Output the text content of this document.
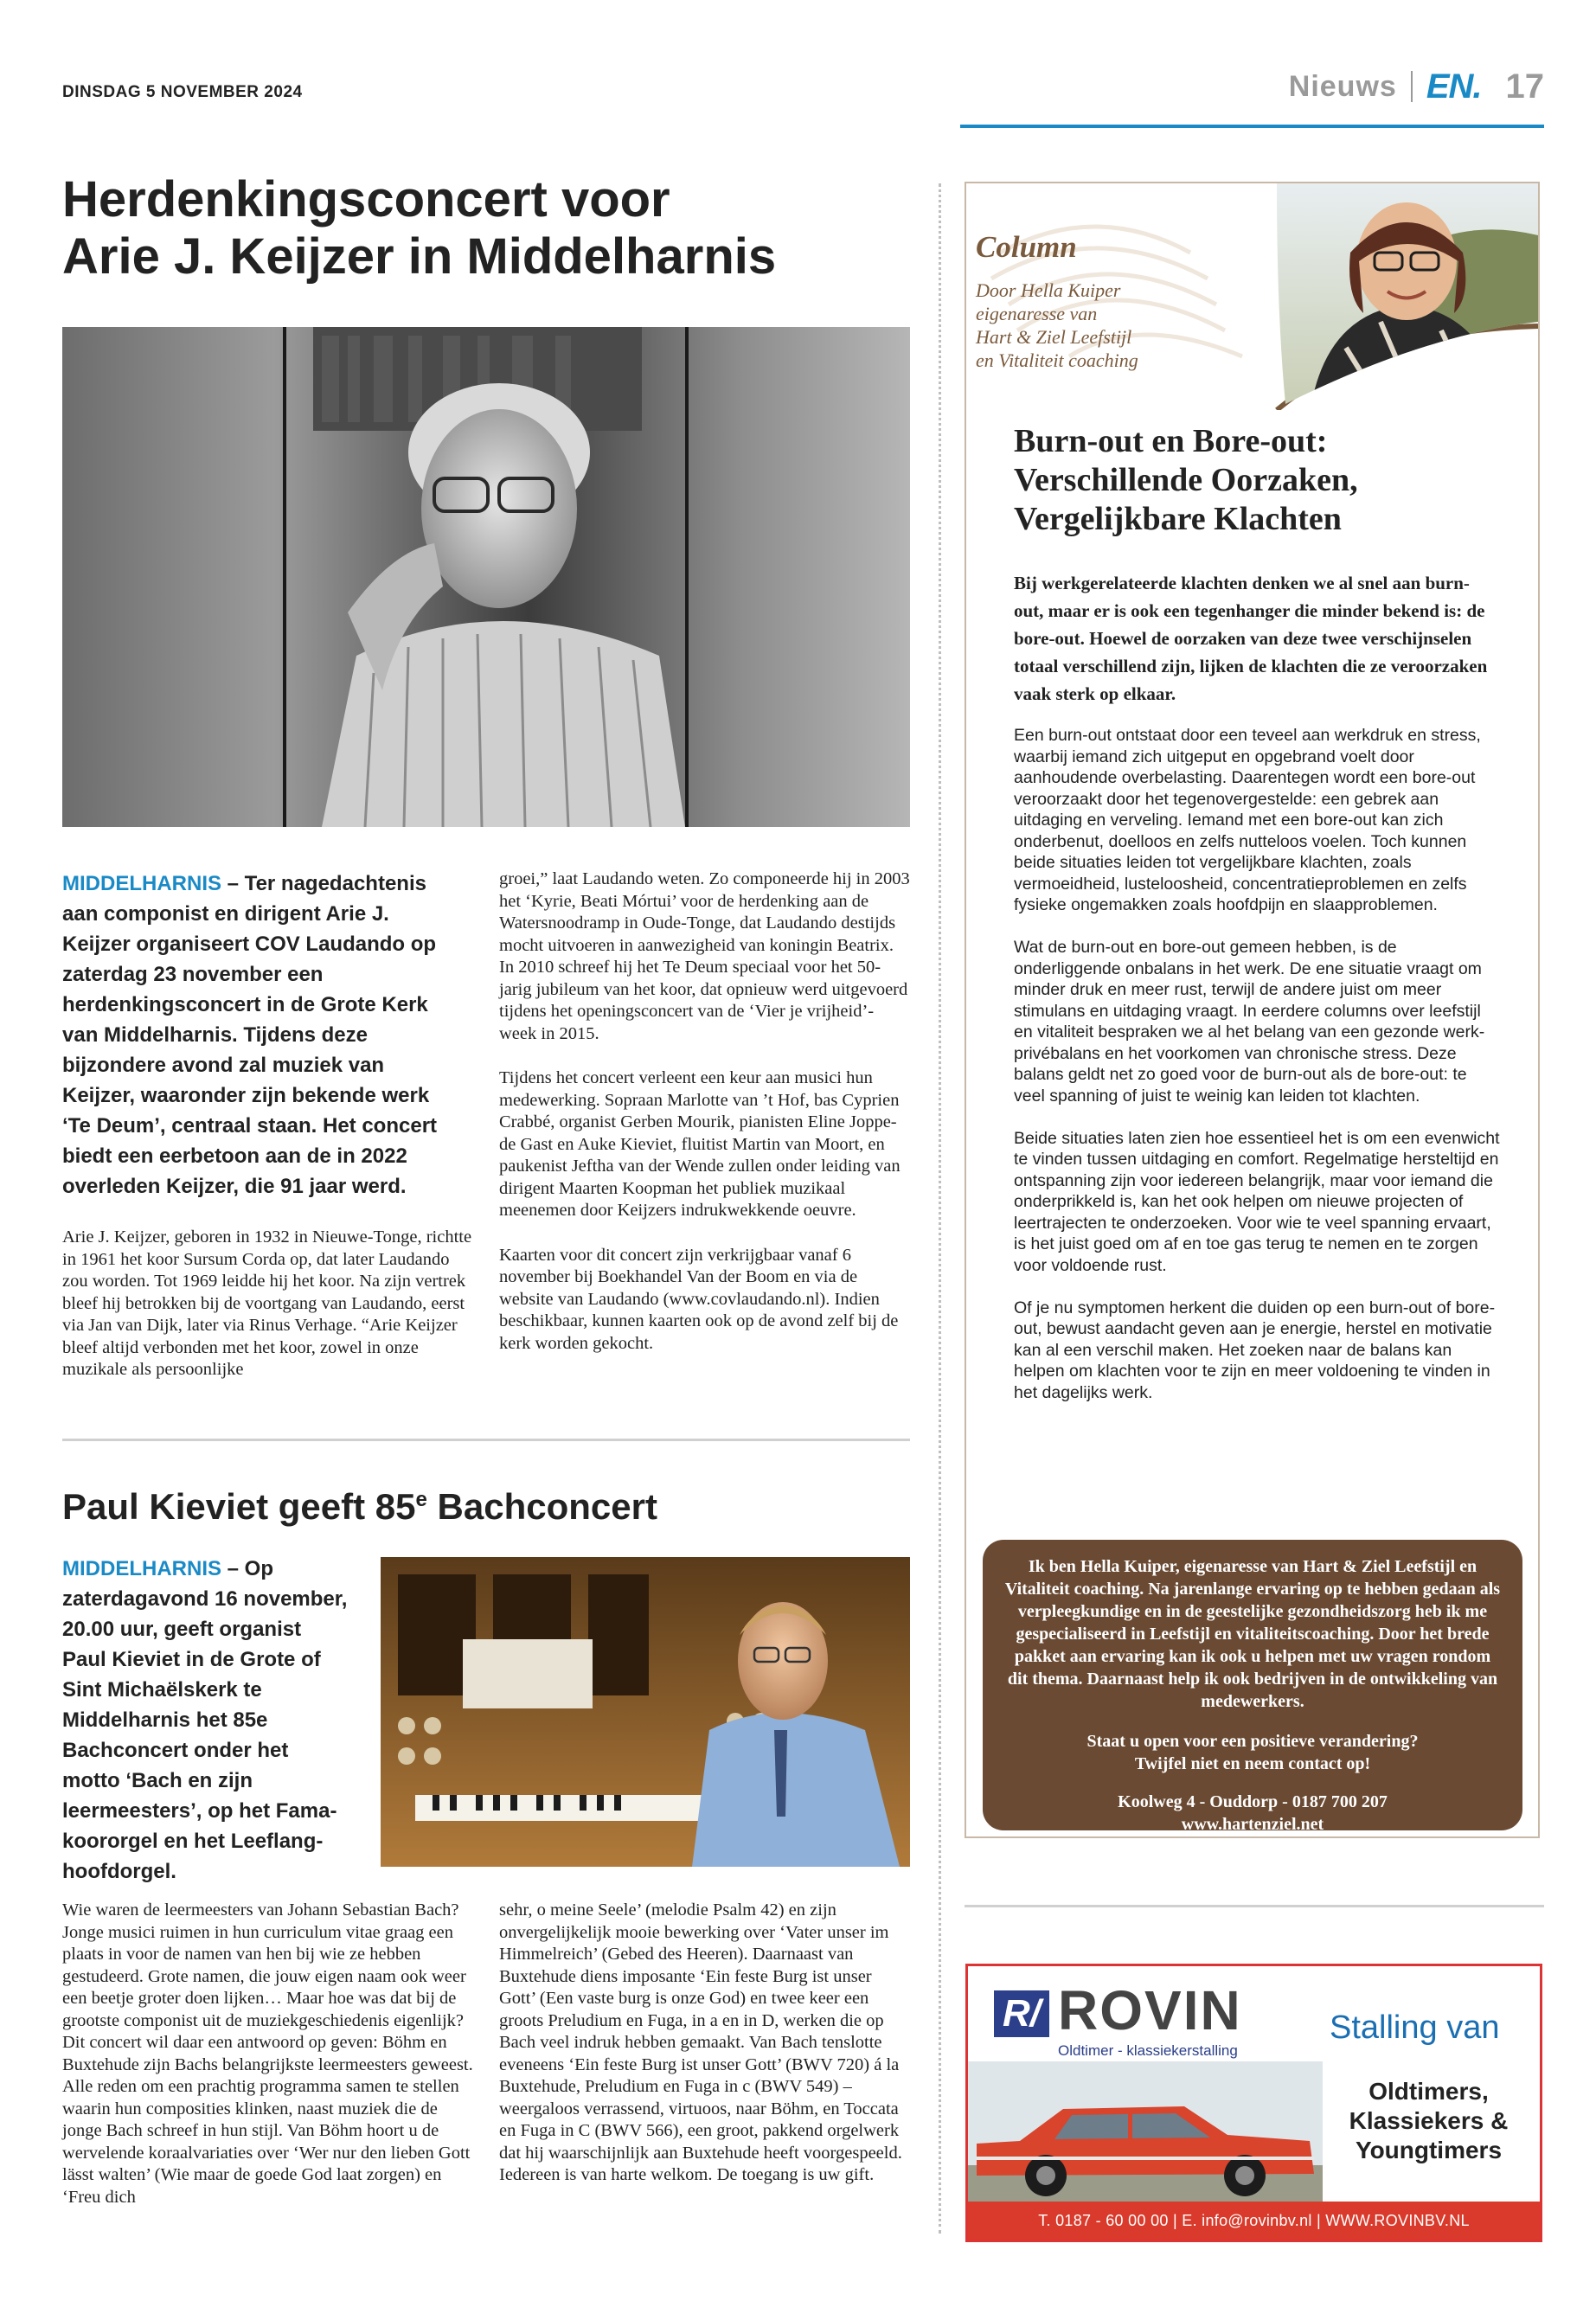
DINSDAG 5 NOVEMBER 2024	Nieuws EN. 17
Herdenkingsconcert voor
Arie J. Keijzer in Middelharnis
MIDDELHARNIS – Ter nagedachtenis aan componist en dirigent Arie J. Keijzer organiseert COV Laudando op zaterdag 23 november een herdenkingsconcert in de Grote Kerk van Middelharnis. Tijdens deze bijzondere avond zal muziek van Keijzer, waaronder zijn bekende werk ‘Te Deum’, centraal staan. Het concert biedt een eerbetoon aan de in 2022 overleden Keijzer, die 91 jaar werd.

Arie J. Keijzer, geboren in 1932 in Nieuwe-Tonge, richtte in 1961 het koor Sursum Corda op, dat later Laudando zou worden. Tot 1969 leidde hij het koor. Na zijn vertrek bleef hij betrokken bij de voortgang van Laudando, eerst via Jan van Dijk, later via Rinus Verhage. “Arie Keijzer bleef altijd verbonden met het koor, zowel in onze muzikale als persoonlijke

groei,” laat Laudando weten. Zo componeerde hij in 2003 het ‘Kyrie, Beati Mórtui’ voor de herdenking aan de Watersnoodramp in Oude-Tonge, dat Laudando destijds mocht uitvoeren in aanwezigheid van koningin Beatrix. In 2010 schreef hij het Te Deum speciaal voor het 50-jarig jubileum van het koor, dat opnieuw werd uitgevoerd tijdens het openingsconcert van de ‘Vier je vrijheid’-week in 2015.

Tijdens het concert verleent een keur aan musici hun medewerking. Sopraan Marlotte van ’t Hof, bas Cyprien Crabbé, organist Gerben Mourik, pianisten Eline Joppe-de Gast en Auke Kieviet, fluitist Martin van Moort, en paukenist Jeftha van der Wende zullen onder leiding van dirigent Maarten Koopman het publiek muzikaal meenemen door Keijzers indrukwekkende oeuvre.

Kaarten voor dit concert zijn verkrijgbaar vanaf 6 november bij Boekhandel Van der Boom en via de website van Laudando (www.covlaudando.nl). Indien beschikbaar, kunnen kaarten ook op de avond zelf bij de kerk worden gekocht.

Paul Kieviet geeft 85e Bachconcert
MIDDELHARNIS – Op zaterdagavond 16 november, 20.00 uur, geeft organist Paul Kieviet in de Grote of Sint Michaëlskerk te Middelharnis het 85e Bachconcert onder het motto ‘Bach en zijn leermeesters’, op het Fama-koororgel en het Leeflang-hoofdorgel.

Wie waren de leermeesters van Johann Sebastian Bach? Jonge musici ruimen in hun curriculum vitae graag een plaats in voor de namen van hen bij wie ze hebben gestudeerd. Grote namen, die jouw eigen naam ook weer een beetje groter doen lijken… Maar hoe was dat bij de grootste componist uit de muziekgeschiedenis eigenlijk? Dit concert wil daar een antwoord op geven: Böhm en Buxtehude zijn Bachs belangrijkste leermeesters geweest. Alle reden om een prachtig programma samen te stellen waarin hun composities klinken, naast muziek die de jonge Bach schreef in hun stijl. Van Böhm hoort u de wervelende koraalvariaties over ‘Wer nur den lieben Gott lässt walten’ (Wie maar de goede God laat zorgen) en ‘Freu dich

sehr, o meine Seele’ (melodie Psalm 42) en zijn onvergelijkelijk mooie bewerking over ‘Vater unser im Himmelreich’ (Gebed des Heeren). Daarnaast van Buxtehude diens imposante ‘Ein feste Burg ist unser Gott’ (Een vaste burg is onze God) en twee keer een groots Preludium en Fuga, in a en in D, werken die op Bach veel indruk hebben gemaakt. Van Bach tenslotte eveneens ‘Ein feste Burg ist unser Gott’ (BWV 720) á la Buxtehude, Preludium en Fuga in c (BWV 549) – weergaloos verrassend, virtuoos, naar Böhm, en Toccata en Fuga in C (BWV 566), een groot, pakkend orgelwerk dat hij waarschijnlijk aan Buxtehude heeft voorgespeeld. Iedereen is van harte welkom. De toegang is uw gift.

Column
Door Hella Kuiper
eigenaresse van
Hart & Ziel Leefstijl
en Vitaliteit coaching
Burn-out en Bore-out:
Verschillende Oorzaken,
Vergelijkbare Klachten
Bij werkgerelateerde klachten denken we al snel aan burn-out, maar er is ook een tegenhanger die minder bekend is: de bore-out. Hoewel de oorzaken van deze twee verschijnselen totaal verschillend zijn, lijken de klachten die ze veroorzaken vaak sterk op elkaar.

Een burn-out ontstaat door een teveel aan werkdruk en stress, waarbij iemand zich uitgeput en opgebrand voelt door aanhoudende overbelasting. Daarentegen wordt een bore-out veroorzaakt door het tegenovergestelde: een gebrek aan uitdaging en verveling. Iemand met een bore-out kan zich onderbenut, doelloos en zelfs nutteloos voelen. Toch kunnen beide situaties leiden tot vergelijkbare klachten, zoals vermoeidheid, lusteloosheid, concentratieproblemen en zelfs fysieke ongemakken zoals hoofdpijn en slaapproblemen.

Wat de burn-out en bore-out gemeen hebben, is de onderliggende onbalans in het werk. De ene situatie vraagt om minder druk en meer rust, terwijl de andere juist om meer stimulans en uitdaging vraagt. In eerdere columns over leefstijl en vitaliteit bespraken we al het belang van een gezonde werk-privébalans en het voorkomen van chronische stress. Deze balans geldt net zo goed voor de burn-out als de bore-out: te veel spanning of juist te weinig kan leiden tot klachten.

Beide situaties laten zien hoe essentieel het is om een evenwicht te vinden tussen uitdaging en comfort. Regelmatige hersteltijd en ontspanning zijn voor iedereen belangrijk, maar voor iemand die onderprikkeld is, kan het ook helpen om nieuwe projecten of leertrajecten te onderzoeken. Voor wie te veel spanning ervaart, is het juist goed om af en toe gas terug te nemen en te zorgen voor voldoende rust.

Of je nu symptomen herkent die duiden op een burn-out of bore-out, bewust aandacht geven aan je energie, herstel en motivatie kan al een verschil maken. Het zoeken naar de balans kan helpen om klachten voor te zijn en meer voldoening te vinden in het dagelijks werk.

Ik ben Hella Kuiper, eigenaresse van Hart & Ziel Leefstijl en Vitaliteit coaching. Na jarenlange ervaring op te hebben gedaan als verpleegkundige en in de geestelijke gezondheidszorg heb ik me gespecialiseerd in Leefstijl en vitaliteitscoaching. Door het brede pakket aan ervaring kan ik ook u helpen met uw vragen rondom dit thema. Daarnaast help ik ook bedrijven in de ontwikkeling van medewerkers.

Staat u open voor een positieve verandering?
Twijfel niet en neem contact op!

Koolweg 4 - Ouddorp - 0187 700 207
www.hartenziel.net

R/ ROVIN
Oldtimer - klassiekerstalling
Stalling van
Oldtimers,
Klassiekers &
Youngtimers
T. 0187 - 60 00 00 | E. info@rovinbv.nl | WWW.ROVINBV.NL
